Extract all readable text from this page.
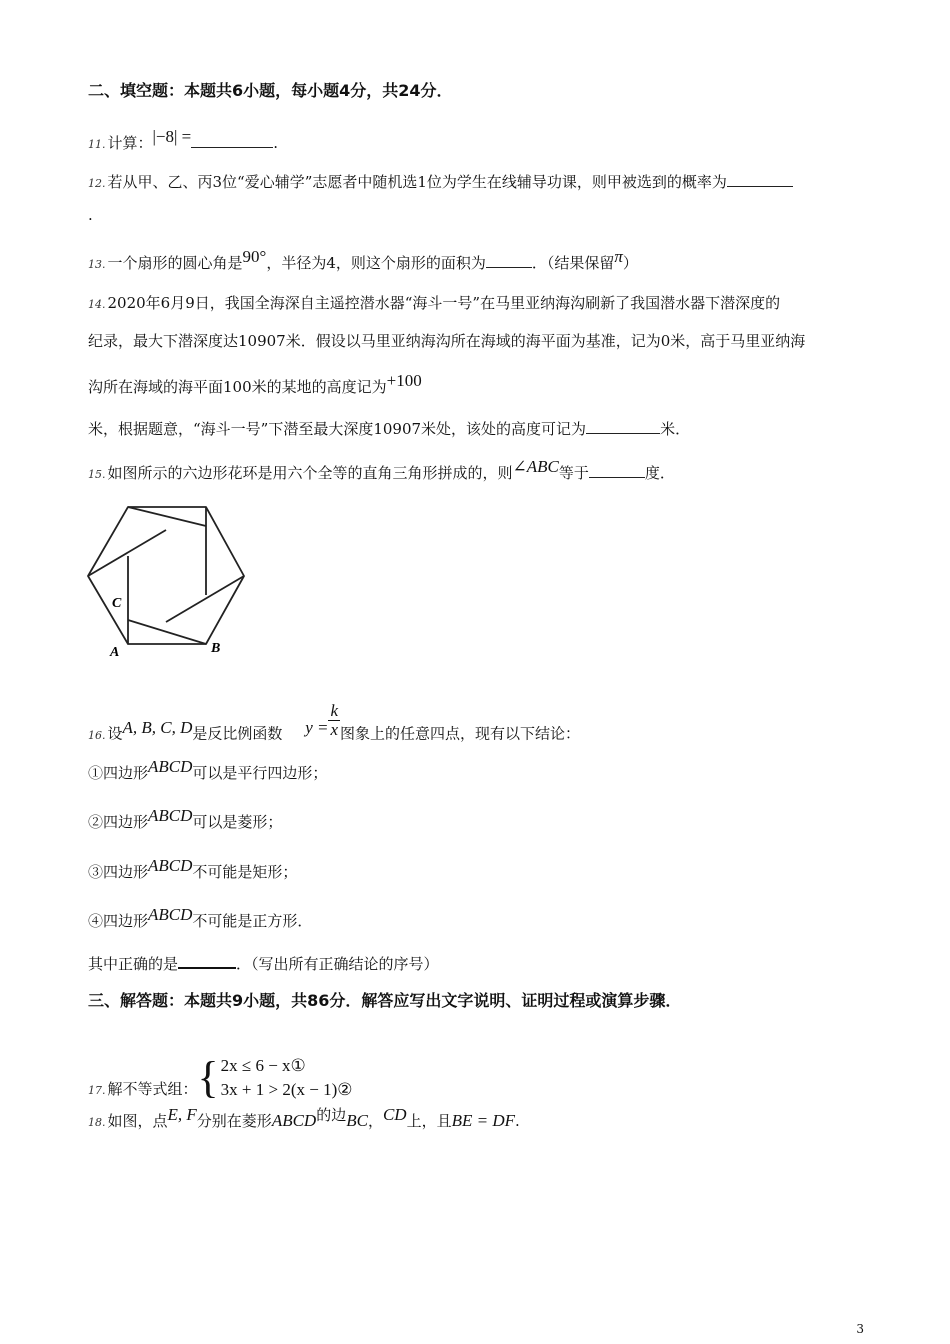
二、填空题：本题共6小题，每小题4分，共24分．
11. 计算：|−8| =	.
12. 若从甲、乙、丙3位“爱心辅学”志愿者中随机选1位为学生在线辅导功课，则甲被选到的概率为
.
13. 一个扇形的圆心角是90°，半径为4，则这个扇形的面积为	．（结果保留π）
14. 2020年6月9日，我国全海深自主遥控潜水器“海斗一号”在马里亚纳海沟刷新了我国潜水器下潜深度的
纪录，最大下潜深度达10907米．假设以马里亚纳海沟所在海域的海平面为基准，记为0米，高于马里亚纳海
沟所在海域的海平面100米的某地的高度记为+100
米，根据题意，“海斗一号”下潜至最大深度10907米处，该处的高度可记为	米．
15. 如图所示的六边形花环是用六个全等的直角三角形拼成的，则∠ABC等于	度．
C
A	B
16. 设A, B, C, D是反比例函数 $y = \frac{k}{x}$ 图象上的任意四点，现有以下结论：
①四边形ABCD可以是平行四边形；
②四边形ABCD可以是菱形；
③四边形ABCD不可能是矩形；
④四边形ABCD不可能是正方形．
其中正确的是	．（写出所有正确结论的序号）
三、解答题：本题共9小题，共86分．解答应写出文字说明、证明过程或演算步骤．
17. 解不等式组：{ 2x ≤ 6 − x①
3x + 1 > 2(x − 1)②
18. 如图，点E, F分别在菱形ABCD的边BC，CD上，且BE = DF.
3
